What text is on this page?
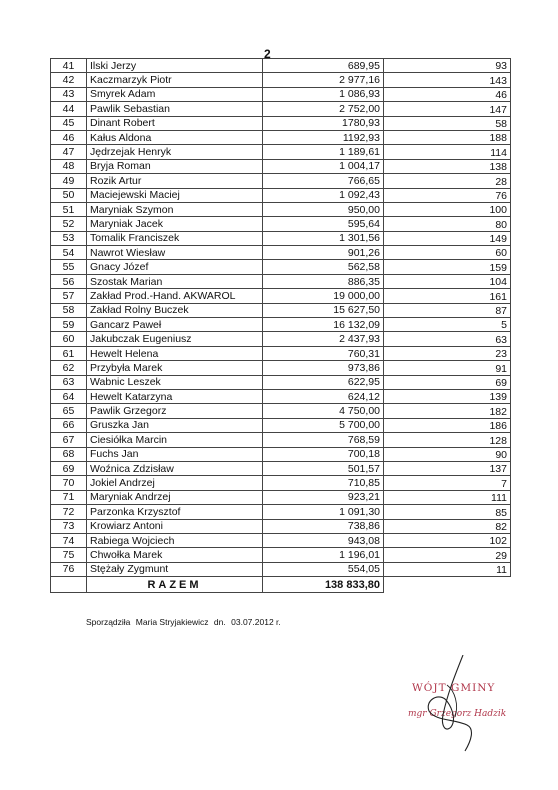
2
41	Ilski Jerzy	689,95	93
42	Kaczmarzyk Piotr	2 977,16	143
43	Smyrek Adam	1 086,93	46
44	Pawlik Sebastian	2 752,00	147
45	Dinant Robert	1780,93	58
46	Kałus Aldona	1192,93	188
47	Jędrzejak Henryk	1 189,61	114
48	Bryja Roman	1 004,17	138
49	Rozik Artur	766,65	28
50	Maciejewski Maciej	1 092,43	76
51	Maryniak Szymon	950,00	100
52	Maryniak Jacek	595,64	80
53	Tomalik Franciszek	1 301,56	149
54	Nawrot Wiesław	901,26	60
55	Gnacy Józef	562,58	159
56	Szostak Marian	886,35	104
57	Zakład Prod.-Hand. AKWAROL	19 000,00	161
58	Zakład Rolny Buczek	15 627,50	87
59	Gancarz Paweł	16 132,09	5
60	Jakubczak Eugeniusz	2 437,93	63
61	Hewelt Helena	760,31	23
62	Przybyła Marek	973,86	91
63	Wabnic Leszek	622,95	69
64	Hewelt Katarzyna	624,12	139
65	Pawlik Grzegorz	4 750,00	182
66	Gruszka Jan	5 700,00	186
67	Ciesiółka Marcin	768,59	128
68	Fuchs Jan	700,18	90
69	Woźnica Zdzisław	501,57	137
70	Jokiel Andrzej	710,85	7
71	Maryniak Andrzej	923,21	111
72	Parzonka Krzysztof	1 091,30	85
73	Krowiarz Antoni	738,86	82
74	Rabiega Wojciech	943,08	102
75	Chwołka Marek	1 196,01	29
76	Stężały Zygmunt	554,05	11
	RAZEM	138 833,80	
Sporządziła Maria Stryjakiewicz dn. 03.07.2012 r.
WÓJT GMINY
mgr Grzegorz Hadzik
